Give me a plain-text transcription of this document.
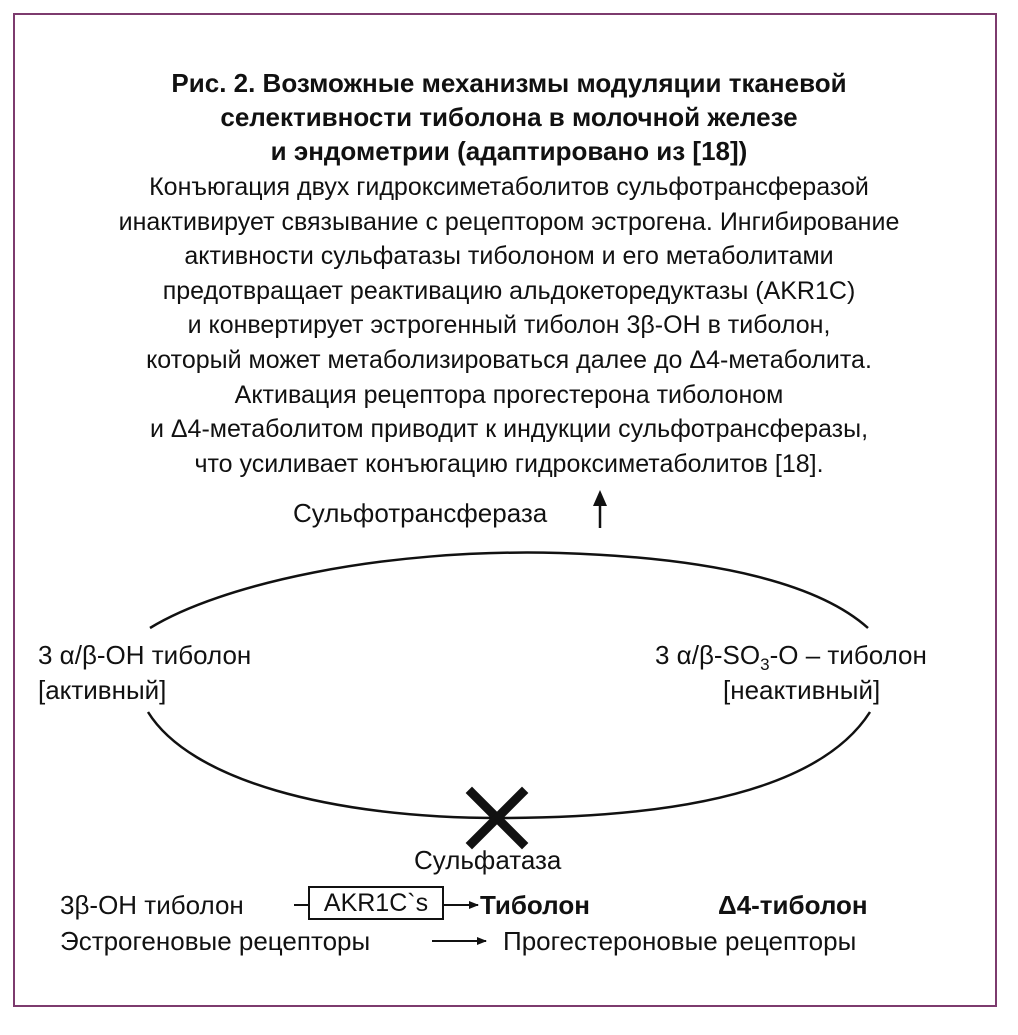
Рис. 2. Возможные механизмы модуляции тканевой
селективности тиболона в молочной железе
и эндометрии (адаптировано из [18])
Конъюгация двух гидроксиметаболитов сульфотрансферазой
инактивирует связывание с рецептором эстрогена. Ингибирование
активности сульфатазы тиболоном и его метаболитами
предотвращает реактивацию альдокеторедуктазы (AKR1C)
и конвертирует эстрогенный тиболон 3β-OH в тиболон,
который может метаболизироваться далее до Δ4-метаболита.
Активация рецептора прогестерона тиболоном
и Δ4-метаболитом приводит к индукции сульфотрансферазы,
что усиливает конъюгацию гидроксиметаболитов [18].
Сульфотрансфераза
3 α/β-OH тиболон
[активный]
3 $\alpha/\beta-SO_3-O$ – тиболон
[неактивный]
Сульфатаза
3β-OH тиболон	AKR1C`s	Тиболон	Δ4-тиболон
Эстрогеновые рецепторы	Прогестероновые рецепторы
